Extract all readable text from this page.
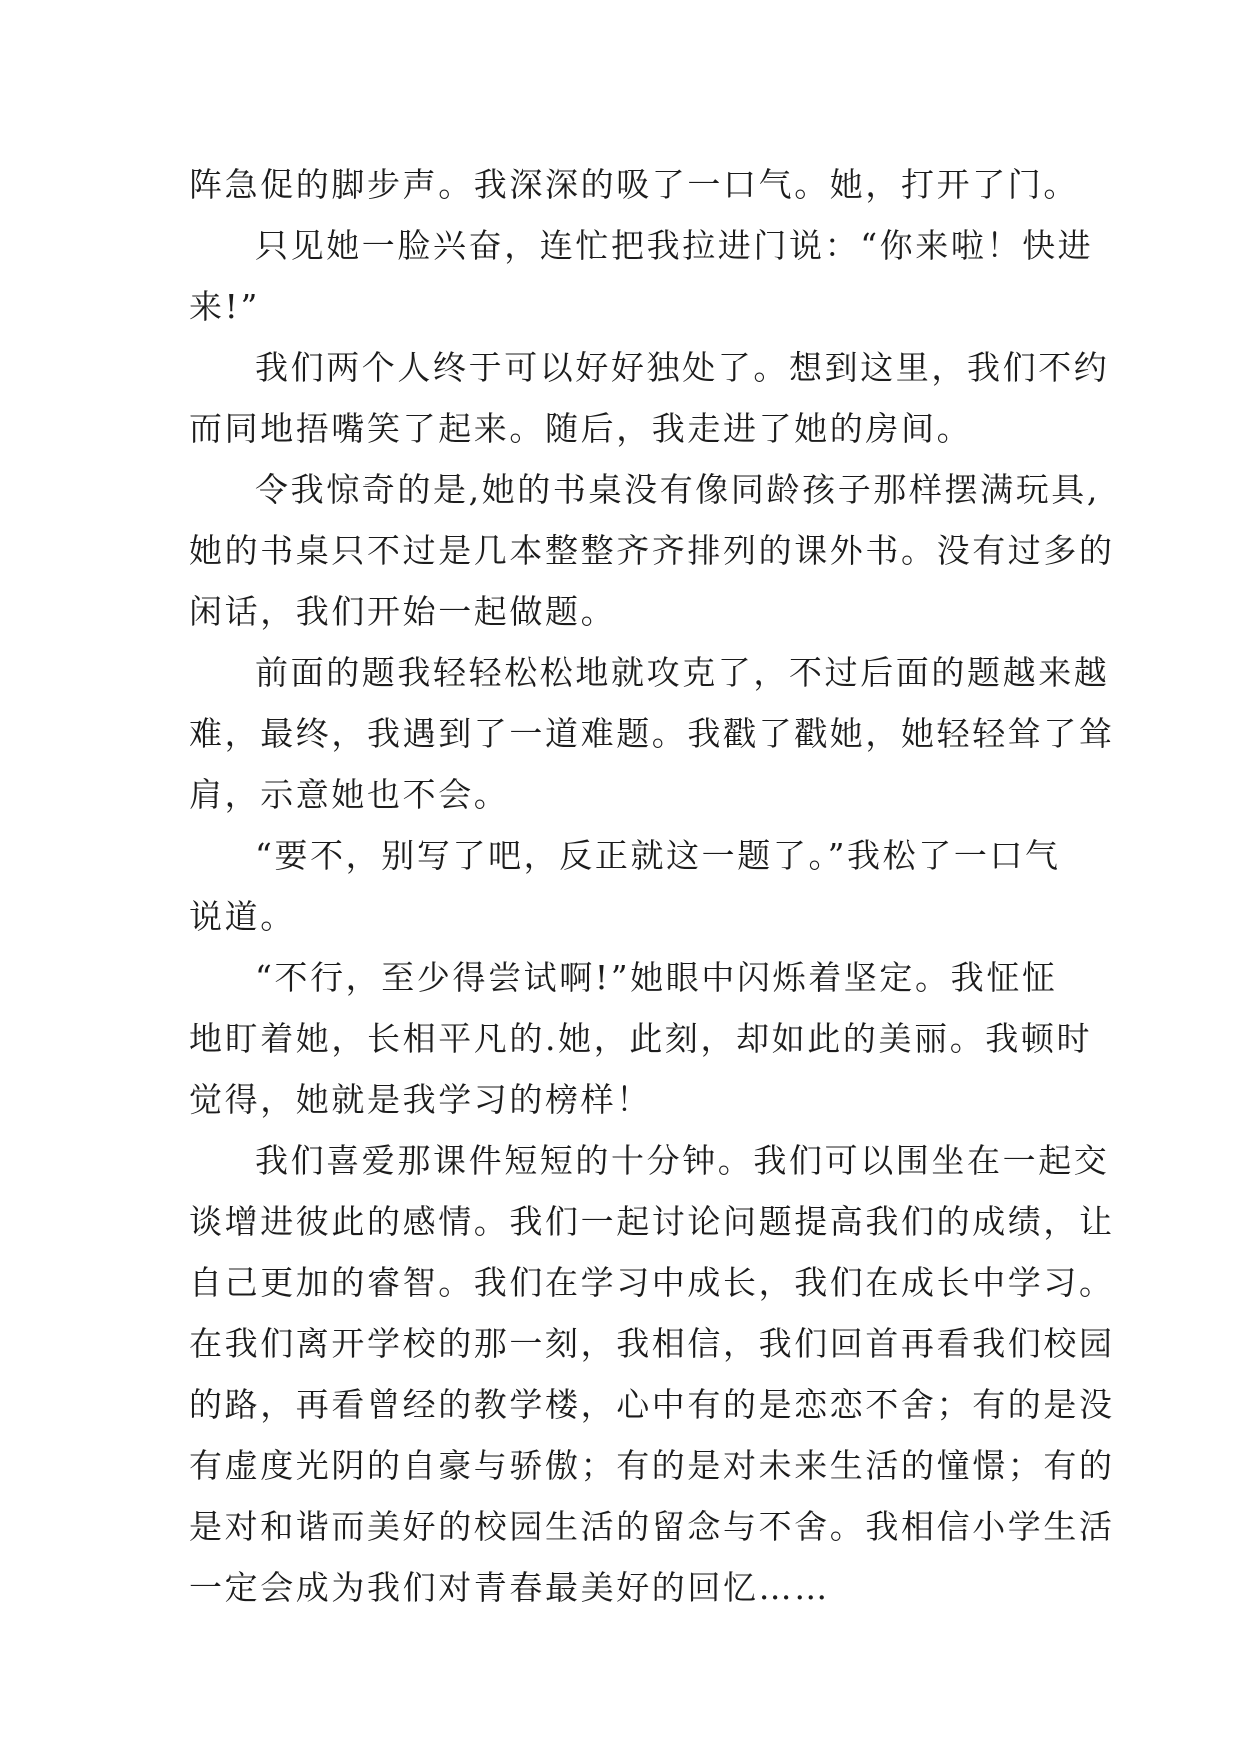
阵急促的脚步声。我深深的吸了一口气。她，打开了门。
只见她一脸兴奋，连忙把我拉进门说：“你来啦！快进
来!”
我们两个人终于可以好好独处了。想到这里，我们不约
而同地捂嘴笑了起来。随后，我走进了她的房间。
令我惊奇的是,她的书桌没有像同龄孩子那样摆满玩具,
她的书桌只不过是几本整整齐齐排列的课外书。没有过多的
闲话，我们开始一起做题。
前面的题我轻轻松松地就攻克了，不过后面的题越来越
难，最终，我遇到了一道难题。我戳了戳她，她轻轻耸了耸
肩，示意她也不会。
“要不，别写了吧，反正就这一题了。”我松了一口气
说道。
“不行，至少得尝试啊!”她眼中闪烁着坚定。我怔怔
地盯着她，长相平凡的.她，此刻，却如此的美丽。我顿时
觉得，她就是我学习的榜样！
我们喜爱那课件短短的十分钟。我们可以围坐在一起交
谈增进彼此的感情。我们一起讨论问题提高我们的成绩，让
自己更加的睿智。我们在学习中成长，我们在成长中学习。
在我们离开学校的那一刻，我相信，我们回首再看我们校园
的路，再看曾经的教学楼，心中有的是恋恋不舍；有的是没
有虚度光阴的自豪与骄傲；有的是对未来生活的憧憬；有的
是对和谐而美好的校园生活的留念与不舍。我相信小学生活
一定会成为我们对青春最美好的回忆……
